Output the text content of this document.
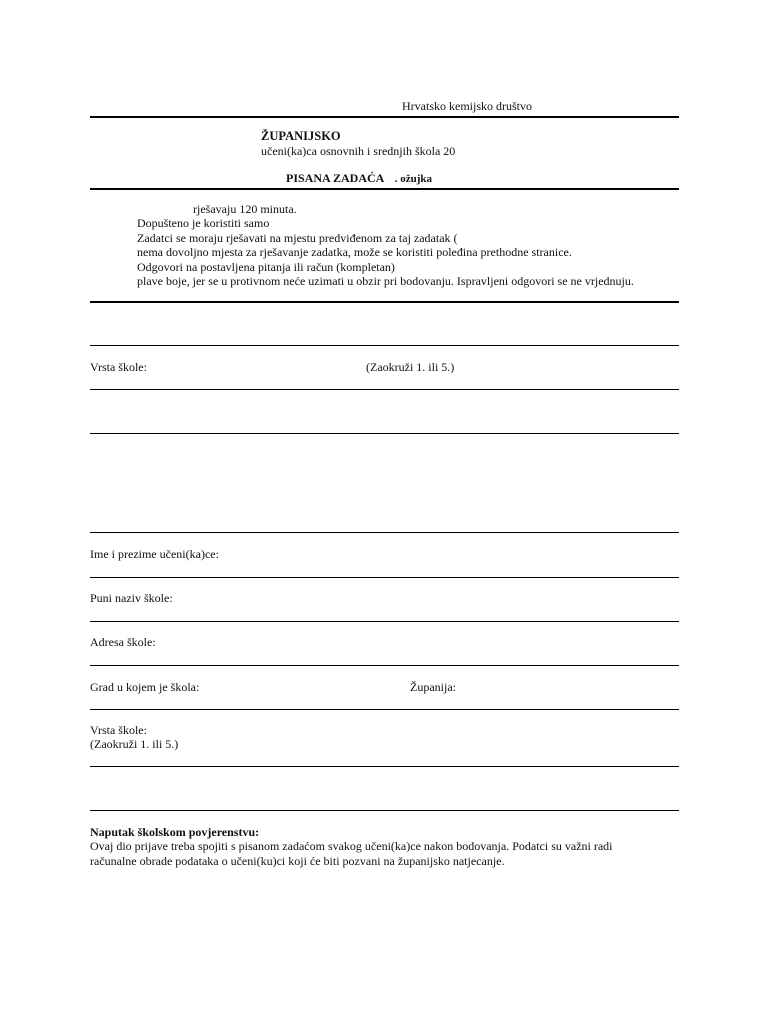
Hrvatsko kemijsko društvo
ŽUPANIJSKO
učeni(ka)ca osnovnih i srednjih škola 20
PISANA ZADAĆA . ožujka
rješavaju 120 minuta.
Dopušteno je koristiti samo
Zadatci se moraju rješavati na mjestu predviđenom za taj zadatak (
nema dovoljno mjesta za rješavanje zadatka, može se koristiti poleđina prethodne stranice.
Odgovori na postavljena pitanja ili račun (kompletan)
plave boje, jer se u protivnom neće uzimati u obzir pri bodovanju. Ispravljeni odgovori se ne vrjednuju.
Vrsta škole:	(Zaokruži 1. ili 5.)
Ime i prezime učeni(ka)ce:
Puni naziv škole:
Adresa škole:
Grad u kojem je škola:	Županija:
Vrsta škole:
(Zaokruži 1. ili 5.)
Naputak školskom povjerenstvu:
Ovaj dio prijave treba spojiti s pisanom zadaćom svakog učeni(ka)ce nakon bodovanja. Podatci su važni radi
računalne obrade podataka o učeni(ku)ci koji će biti pozvani na županijsko natjecanje.
